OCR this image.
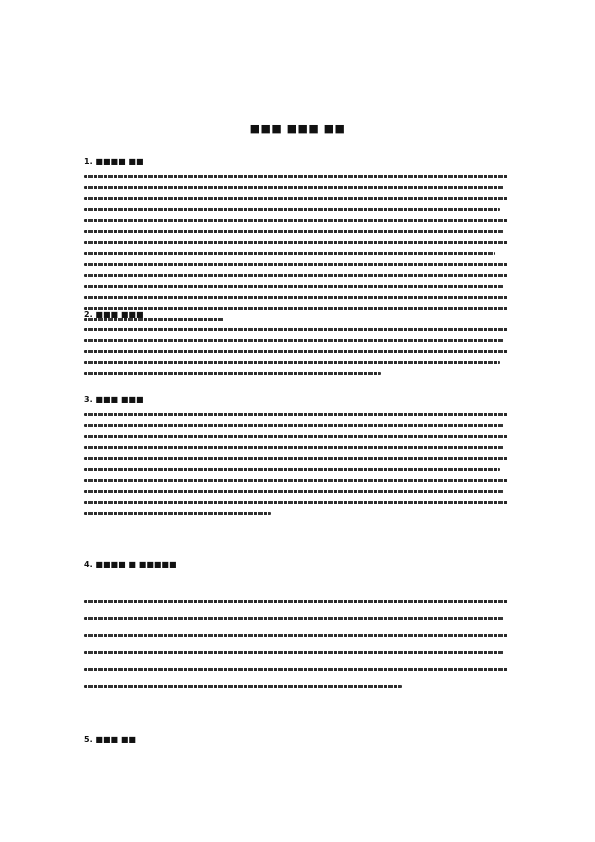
■■■ ■■■ ■■
1. ■■■■ ■■
2. ■■■ ■■■
3. ■■■ ■■■
4. ■■■■ ■ ■■■■■
5. ■■■ ■■
